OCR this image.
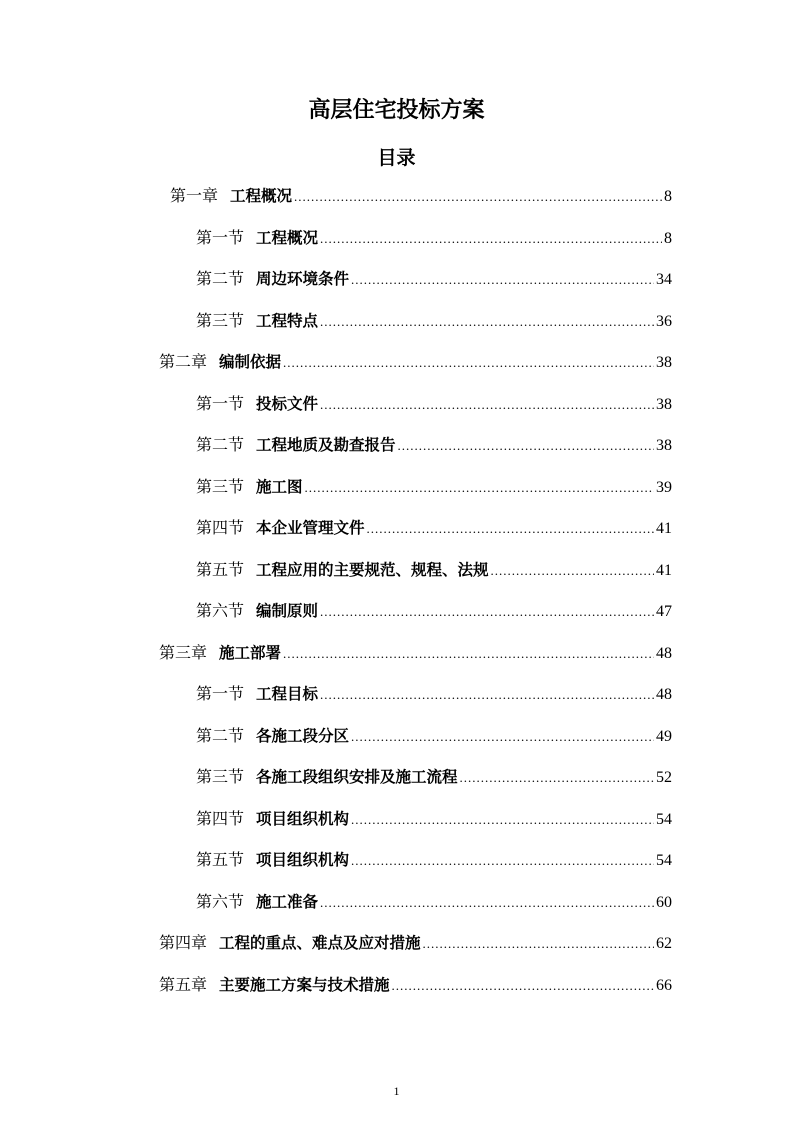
高层住宅投标方案
目录
第一章 工程概况 .....	8
第一节 工程概况 .....	8
第二节 周边环境条件 .....	34
第三节 工程特点 .....	36
第二章 编制依据 .....	38
第一节 投标文件 .....	38
第二节 工程地质及勘查报告 .....	38
第三节 施工图 .....	39
第四节 本企业管理文件 .....	41
第五节 工程应用的主要规范、规程、法规 .....	41
第六节 编制原则 .....	47
第三章 施工部署 .....	48
第一节 工程目标 .....	48
第二节 各施工段分区 .....	49
第三节 各施工段组织安排及施工流程 .....	52
第四节 项目组织机构 .....	54
第五节 项目组织机构 .....	54
第六节 施工准备 .....	60
第四章 工程的重点、难点及应对措施 .....	62
第五章 主要施工方案与技术措施 .....	66
1
